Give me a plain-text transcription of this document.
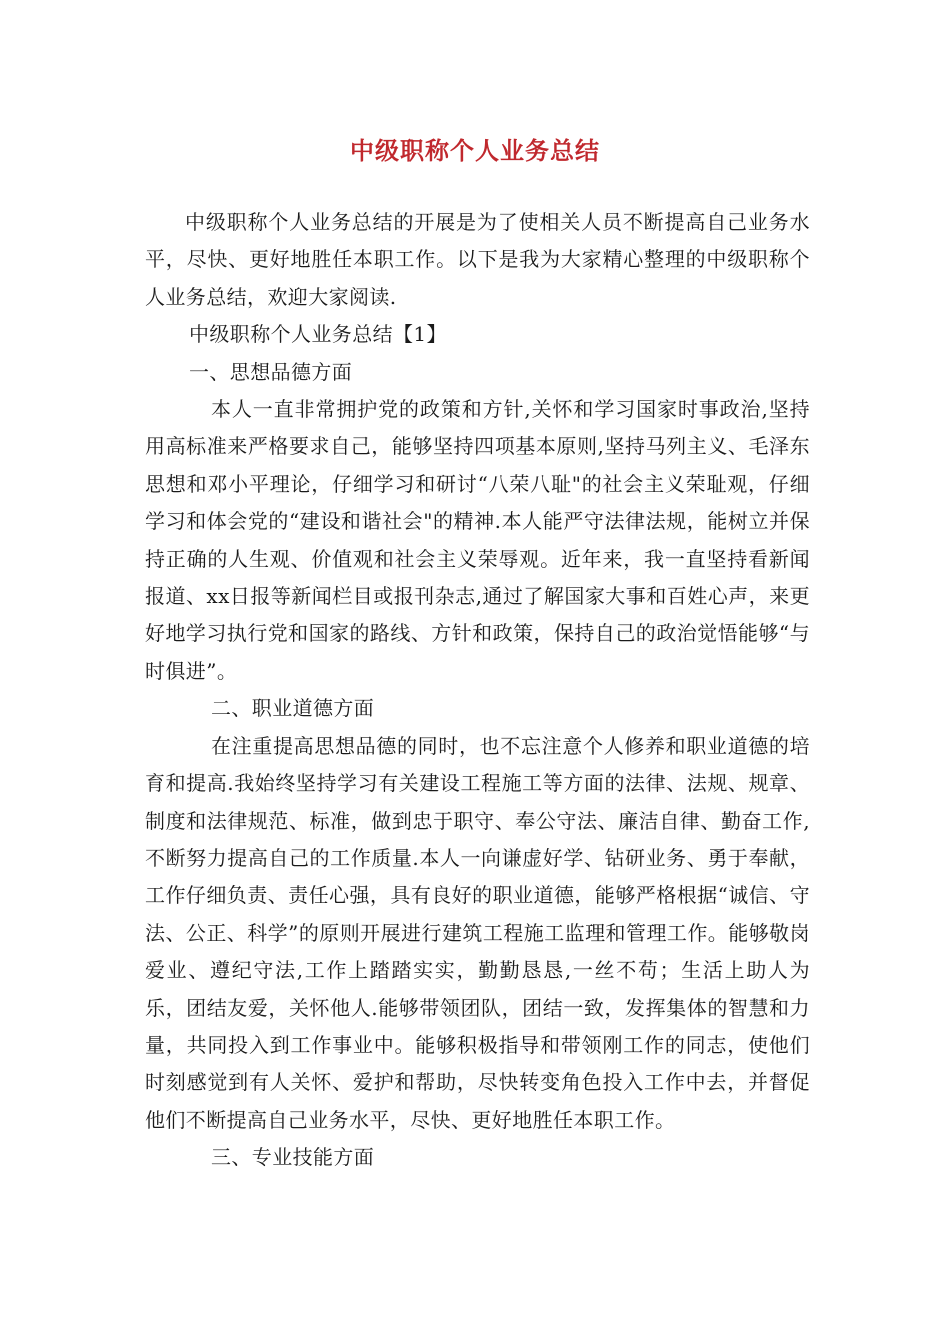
中级职称个人业务总结

中级职称个人业务总结的开展是为了使相关人员不断提高自己业务水平，尽快、更好地胜任本职工作。以下是我为大家精心整理的中级职称个人业务总结，欢迎大家阅读.

中级职称个人业务总结【1】

一、思想品德方面

本人一直非常拥护党的政策和方针,关怀和学习国家时事政治,坚持用高标准来严格要求自己，能够坚持四项基本原则,坚持马列主义、毛泽东思想和邓小平理论，仔细学习和研讨“八荣八耻"的社会主义荣耻观，仔细学习和体会党的“建设和谐社会"的精神.本人能严守法律法规，能树立并保持正确的人生观、价值观和社会主义荣辱观。近年来，我一直坚持看新闻报道、xx日报等新闻栏目或报刊杂志,通过了解国家大事和百姓心声，来更好地学习执行党和国家的路线、方针和政策，保持自己的政治觉悟能够“与时俱进”。

二、职业道德方面

在注重提高思想品德的同时，也不忘注意个人修养和职业道德的培育和提高.我始终坚持学习有关建设工程施工等方面的法律、法规、规章、制度和法律规范、标准，做到忠于职守、奉公守法、廉洁自律、勤奋工作,不断努力提高自己的工作质量.本人一向谦虚好学、钻研业务、勇于奉献，工作仔细负责、责任心强，具有良好的职业道德，能够严格根据“诚信、守法、公正、科学”的原则开展进行建筑工程施工监理和管理工作。能够敬岗爱业、遵纪守法,工作上踏踏实实，勤勤恳恳,一丝不苟；生活上助人为乐，团结友爱，关怀他人.能够带领团队，团结一致，发挥集体的智慧和力量，共同投入到工作事业中。能够积极指导和带领刚工作的同志，使他们时刻感觉到有人关怀、爱护和帮助，尽快转变角色投入工作中去，并督促他们不断提高自己业务水平，尽快、更好地胜任本职工作。

三、专业技能方面
